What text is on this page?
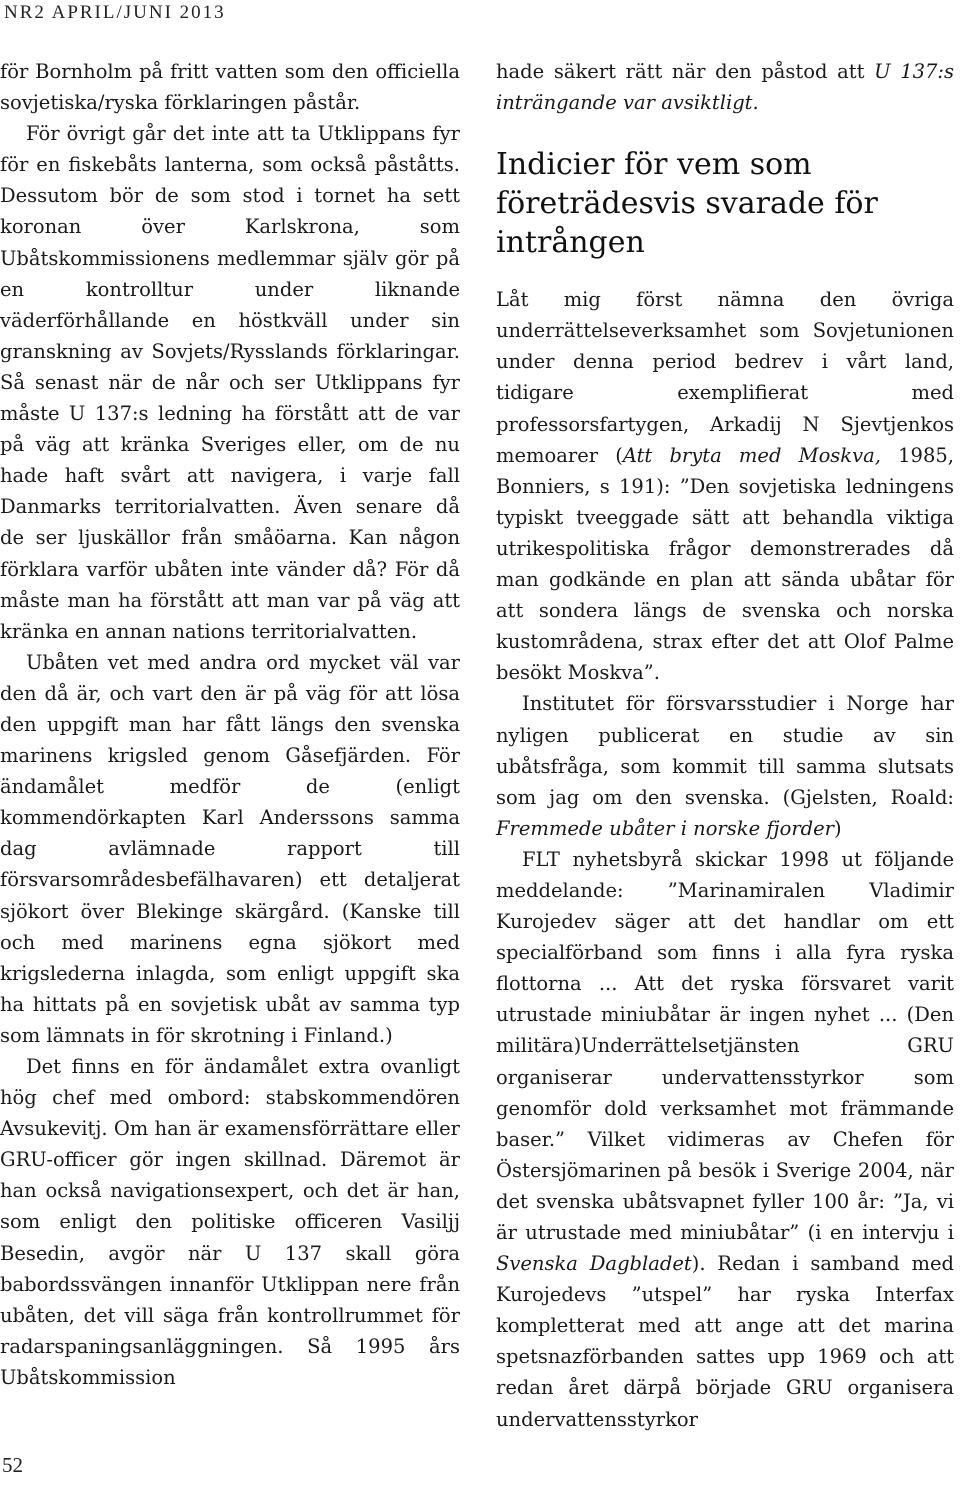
NR2 APRIL/JUNI 2013

för Bornholm på fritt vatten som den officiella sovjetiska/ryska förklaringen påstår.

För övrigt går det inte att ta Utklippans fyr för en fiskebåts lanterna, som också påståtts. Dessutom bör de som stod i tornet ha sett koronan över Karlskrona, som Ubåtskommissionens medlemmar själv gör på en kontrolltur under liknande väderförhållande en höstkväll under sin granskning av Sovjets/Rysslands förklaringar. Så senast när de når och ser Utklippans fyr måste U 137:s ledning ha förstått att de var på väg att kränka Sveriges eller, om de nu hade haft svårt att navigera, i varje fall Danmarks territorialvatten. Även senare då de ser ljuskällor från småöarna. Kan någon förklara varför ubåten inte vänder då? För då måste man ha förstått att man var på väg att kränka en annan nations territorialvatten.

Ubåten vet med andra ord mycket väl var den då är, och vart den är på väg för att lösa den uppgift man har fått längs den svenska marinens krigsled genom Gåsefjärden. För ändamålet medför de (enligt kommendörkapten Karl Anderssons samma dag avlämnade rapport till försvarsområdesbefälhavaren) ett detaljerat sjökort över Blekinge skärgård. (Kanske till och med marinens egna sjökort med krigslederna inlagda, som enligt uppgift ska ha hittats på en sovjetisk ubåt av samma typ som lämnats in för skrotning i Finland.)

Det finns en för ändamålet extra ovanligt hög chef med ombord: stabskommendören Avsukevitj. Om han är examensförrättare eller GRU-officer gör ingen skillnad. Däremot är han också navigationsexpert, och det är han, som enligt den politiske officeren Vasiljj Besedin, avgör när U 137 skall göra babordssvängen innanför Utklippan nere från ubåten, det vill säga från kontrollrummet för radarspaningsanläggningen. Så 1995 års Ubåtskommission

hade säkert rätt när den påstod att U 137:s inträngande var avsiktligt.

Indicier för vem som företrädesvis svarade för intrången

Låt mig först nämna den övriga underrättelseverksamhet som Sovjetunionen under denna period bedrev i vårt land, tidigare exemplifierat med professorsfartygen, Arkadij N Sjevtjenkos memoarer (Att bryta med Moskva, 1985, Bonniers, s 191): ”Den sovjetiska ledningens typiskt tveeggade sätt att behandla viktiga utrikespolitiska frågor demonstrerades då man godkände en plan att sända ubåtar för att sondera längs de svenska och norska kustområdena, strax efter det att Olof Palme besökt Moskva”.

Institutet för försvarsstudier i Norge har nyligen publicerat en studie av sin ubåtsfråga, som kommit till samma slutsats som jag om den svenska. (Gjelsten, Roald: Fremmede ubåter i norske fjorder)

FLT nyhetsbyrå skickar 1998 ut följande meddelande: ”Marinamiralen Vladimir Kurojedev säger att det handlar om ett specialförband som finns i alla fyra ryska flottorna ... Att det ryska försvaret varit utrustade miniubåtar är ingen nyhet ... (Den militära)Underrättelsetjänsten GRU organiserar undervattensstyrkor som genomför dold verksamhet mot främmande baser.” Vilket vidimeras av Chefen för Östersjömarinen på besök i Sverige 2004, när det svenska ubåtsvapnet fyller 100 år: ”Ja, vi är utrustade med miniubåtar” (i en intervju i Svenska Dagbladet). Redan i samband med Kurojedevs ”utspel” har ryska Interfax kompletterat med att ange att det marina spetsnazförbanden sattes upp 1969 och att redan året därpå började GRU organisera undervattensstyrkor

52
